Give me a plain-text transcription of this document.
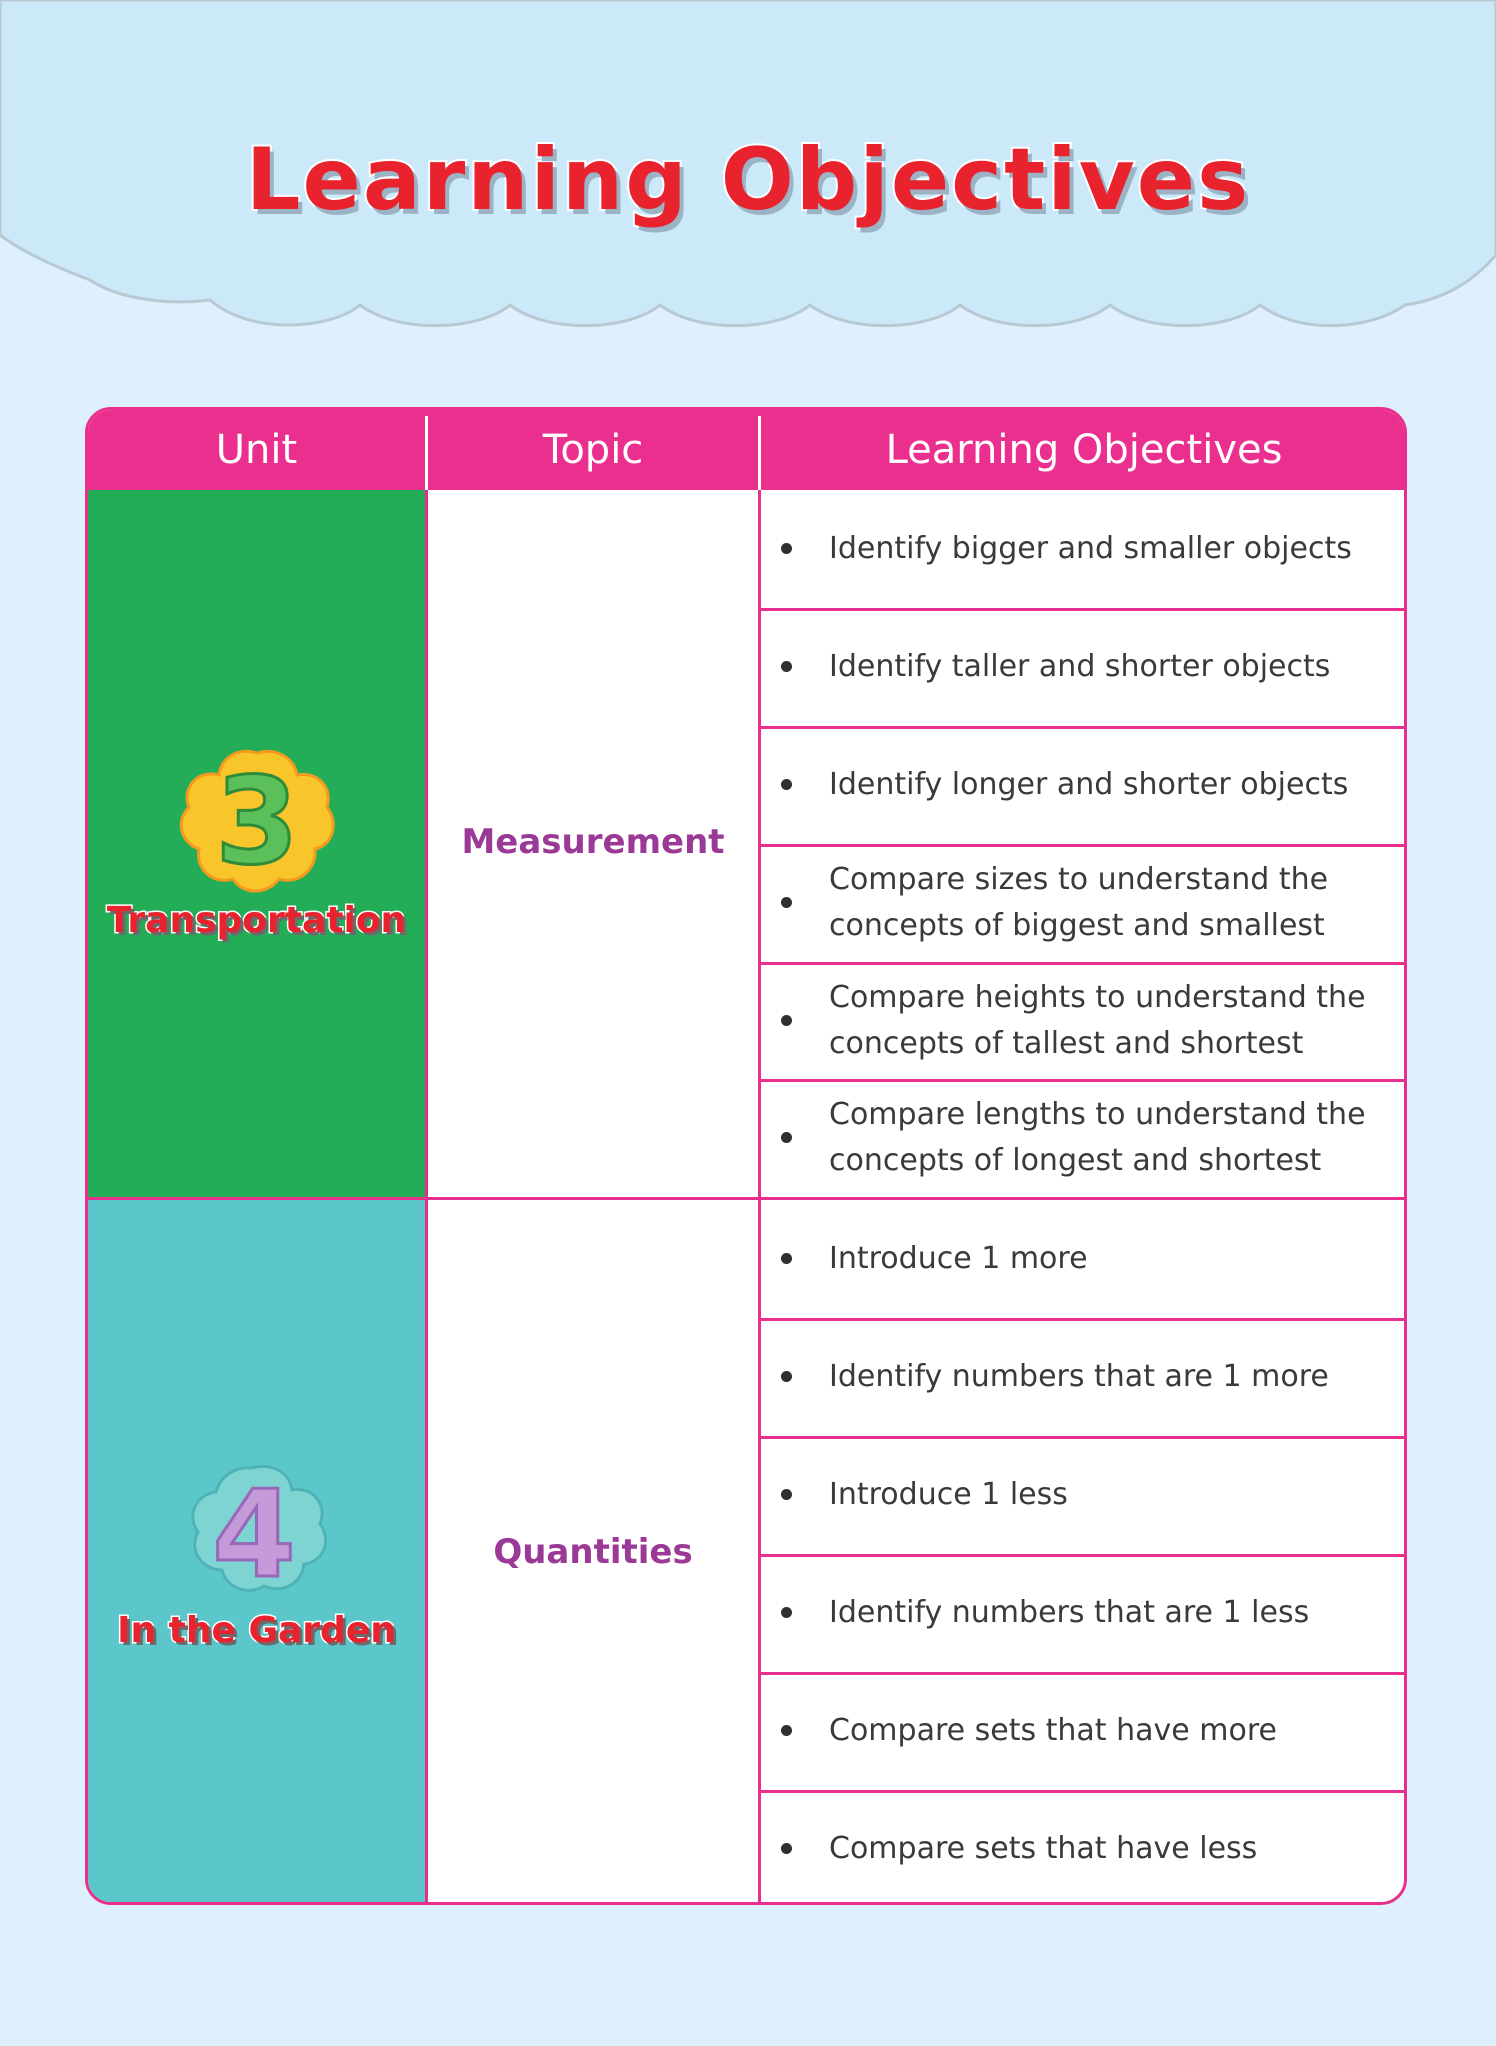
Learning Objectives
Unit	Topic	Learning Objectives
3
Transportation
4
In the Garden
Measurement
Quantities
Identify bigger and smaller objects
Identify taller and shorter objects
Identify longer and shorter objects
Compare sizes to understand the concepts of biggest and smallest
Compare heights to understand the concepts of tallest and shortest
Compare lengths to understand the concepts of longest and shortest
Introduce 1 more
Identify numbers that are 1 more
Introduce 1 less
Identify numbers that are 1 less
Compare sets that have more
Compare sets that have less
